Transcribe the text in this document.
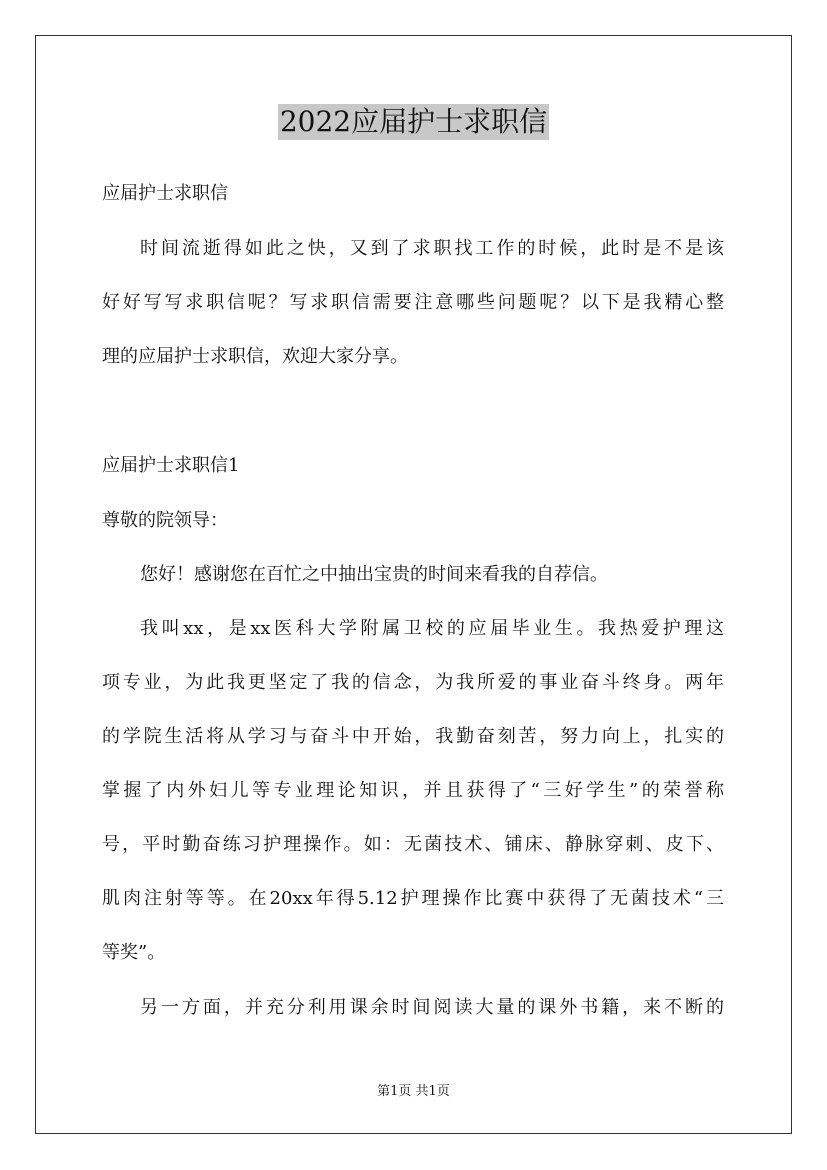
2022应届护士求职信
应届护士求职信
时间流逝得如此之快，又到了求职找工作的时候，此时是不是该
好好写写求职信呢？写求职信需要注意哪些问题呢？以下是我精心整
理的应届护士求职信，欢迎大家分享。
应届护士求职信1
尊敬的院领导：
您好！感谢您在百忙之中抽出宝贵的时间来看我的自荐信。
我叫xx，是xx医科大学附属卫校的应届毕业生。我热爱护理这
项专业，为此我更坚定了我的信念，为我所爱的事业奋斗终身。两年
的学院生活将从学习与奋斗中开始，我勤奋刻苦，努力向上，扎实的
掌握了内外妇儿等专业理论知识，并且获得了“三好学生”的荣誉称
号，平时勤奋练习护理操作。如：无菌技术、铺床、静脉穿刺、皮下、
肌肉注射等等。在20xx年得5.12护理操作比赛中获得了无菌技术“三
等奖”。
另一方面，并充分利用课余时间阅读大量的课外书籍，来不断的
第1页 共1页
